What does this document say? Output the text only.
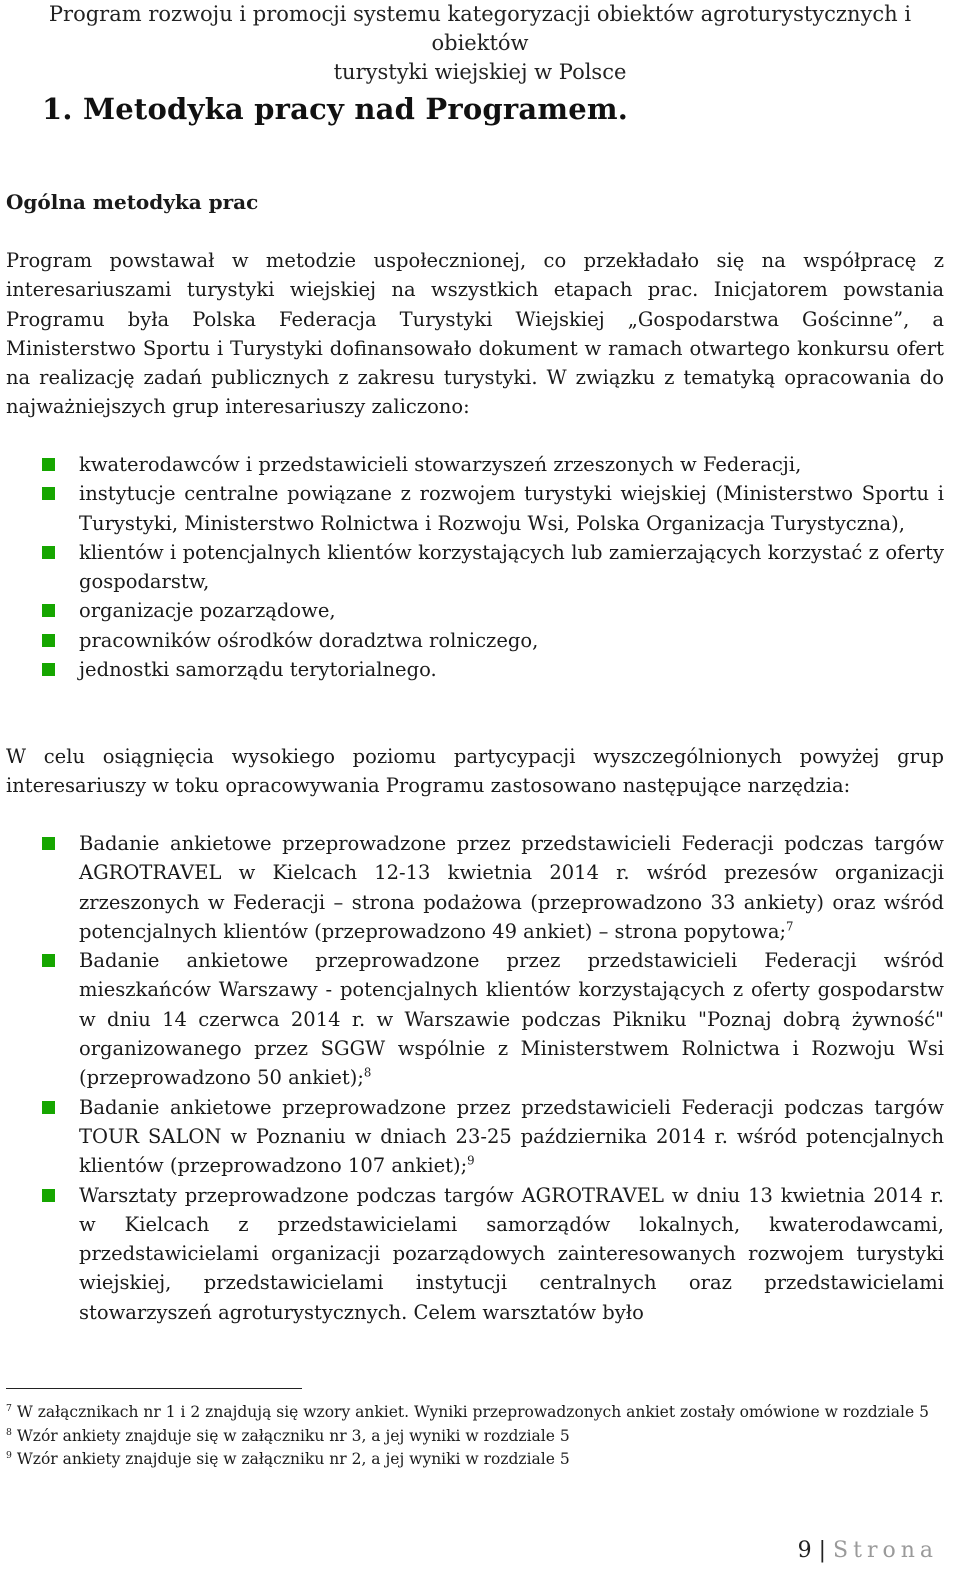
Program rozwoju i promocji systemu kategoryzacji obiektów agroturystycznych i obiektów
turystyki wiejskiej w Polsce
1. Metodyka pracy nad Programem.
Ogólna metodyka prac
Program powstawał w metodzie uspołecznionej, co przekładało się na współpracę z interesariuszami turystyki wiejskiej na wszystkich etapach prac. Inicjatorem powstania Programu była Polska Federacja Turystyki Wiejskiej „Gospodarstwa Gościnne”, a Ministerstwo Sportu i Turystyki dofinansowało dokument w ramach otwartego konkursu ofert na realizację zadań publicznych z zakresu turystyki. W związku z tematyką opracowania do najważniejszych grup interesariuszy zaliczono:
kwaterodawców i przedstawicieli stowarzyszeń zrzeszonych w Federacji,
instytucje centralne powiązane z rozwojem turystyki wiejskiej (Ministerstwo Sportu i Turystyki, Ministerstwo Rolnictwa i Rozwoju Wsi, Polska Organizacja Turystyczna),
klientów i potencjalnych klientów korzystających lub zamierzających korzystać z oferty gospodarstw,
organizacje pozarządowe,
pracowników ośrodków doradztwa rolniczego,
jednostki samorządu terytorialnego.
W celu osiągnięcia wysokiego poziomu partycypacji wyszczególnionych powyżej grup interesariuszy w toku opracowywania Programu zastosowano następujące narzędzia:
Badanie ankietowe przeprowadzone przez przedstawicieli Federacji podczas targów AGROTRAVEL w Kielcach 12-13 kwietnia 2014 r. wśród prezesów organizacji zrzeszonych w Federacji – strona podażowa (przeprowadzono 33 ankiety) oraz wśród potencjalnych klientów (przeprowadzono 49 ankiet) – strona popytowa;$^7$
Badanie ankietowe przeprowadzone przez przedstawicieli Federacji wśród mieszkańców Warszawy - potencjalnych klientów korzystających z oferty gospodarstw w dniu 14 czerwca 2014 r. w Warszawie podczas Pikniku "Poznaj dobrą żywność" organizowanego przez SGGW wspólnie z Ministerstwem Rolnictwa i Rozwoju Wsi (przeprowadzono 50 ankiet);$^8$
Badanie ankietowe przeprowadzone przez przedstawicieli Federacji podczas targów TOUR SALON w Poznaniu w dniach 23-25 października 2014 r. wśród potencjalnych klientów (przeprowadzono 107 ankiet);$^9$
Warsztaty przeprowadzone podczas targów AGROTRAVEL w dniu 13 kwietnia 2014 r. w Kielcach z przedstawicielami samorządów lokalnych, kwaterodawcami, przedstawicielami organizacji pozarządowych zainteresowanych rozwojem turystyki wiejskiej, przedstawicielami instytucji centralnych oraz przedstawicielami stowarzyszeń agroturystycznych. Celem warsztatów było

$^7$ W załącznikach nr 1 i 2 znajdują się wzory ankiet. Wyniki przeprowadzonych ankiet zostały omówione w rozdziale 5

$^8$ Wzór ankiety znajduje się w załączniku nr 3, a jej wyniki w rozdziale 5

$^9$ Wzór ankiety znajduje się w załączniku nr 2, a jej wyniki w rozdziale 5

9 | Strona
